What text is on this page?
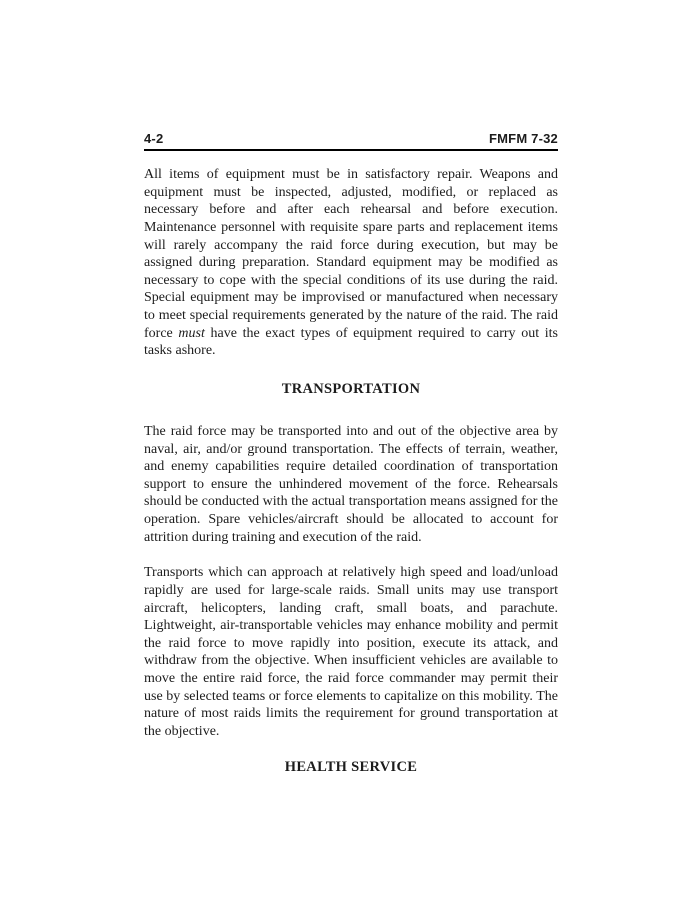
4-2	FMFM 7-32

All items of equipment must be in satisfactory repair. Weapons and equipment must be inspected, adjusted, modified, or replaced as necessary before and after each rehearsal and before execution. Maintenance personnel with requisite spare parts and replacement items will rarely accompany the raid force during execution, but may be assigned during preparation. Standard equipment may be modified as necessary to cope with the special conditions of its use during the raid. Special equipment may be improvised or manufactured when necessary to meet special requirements generated by the nature of the raid. The raid force must have the exact types of equipment required to carry out its tasks ashore.

TRANSPORTATION

The raid force may be transported into and out of the objective area by naval, air, and/or ground transportation. The effects of terrain, weather, and enemy capabilities require detailed coordination of transportation support to ensure the unhindered movement of the force. Rehearsals should be conducted with the actual transportation means assigned for the operation. Spare vehicles/aircraft should be allocated to account for attrition during training and execution of the raid.

Transports which can approach at relatively high speed and load/unload rapidly are used for large-scale raids. Small units may use transport aircraft, helicopters, landing craft, small boats, and parachute. Lightweight, air-transportable vehicles may enhance mobility and permit the raid force to move rapidly into position, execute its attack, and withdraw from the objective. When insufficient vehicles are available to move the entire raid force, the raid force commander may permit their use by selected teams or force elements to capitalize on this mobility. The nature of most raids limits the requirement for ground transportation at the objective.

HEALTH SERVICE
